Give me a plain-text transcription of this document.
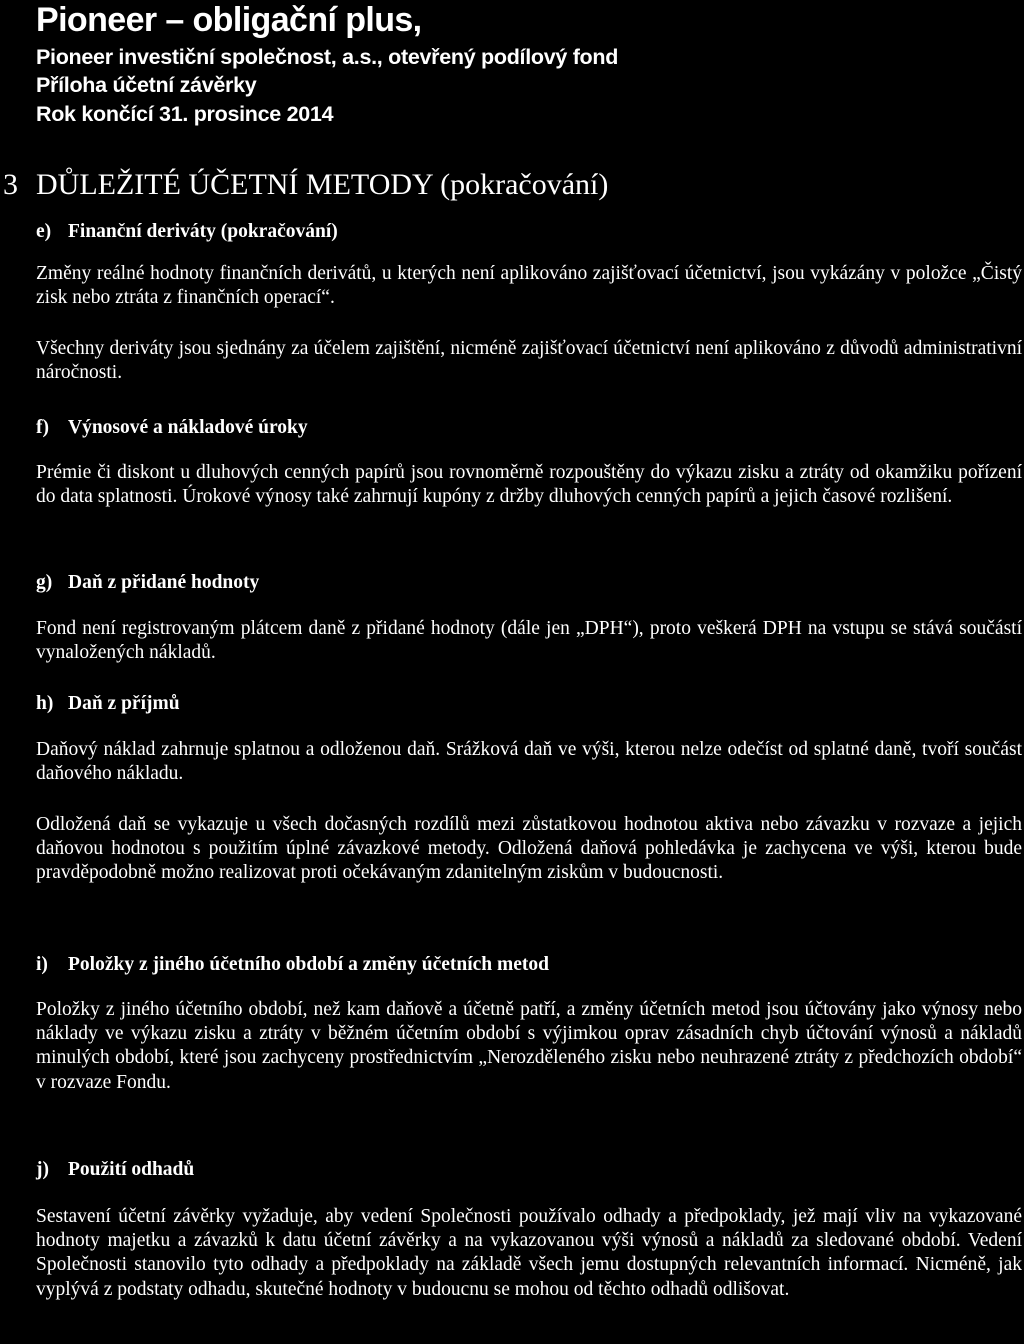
Pioneer – obligační plus,
Pioneer investiční společnost, a.s., otevřený podílový fond
Příloha účetní závěrky
Rok končící 31. prosince 2014
3 DŮLEŽITÉ ÚČETNÍ METODY (pokračování)
e) Finanční deriváty (pokračování)

Změny reálné hodnoty finančních derivátů, u kterých není aplikováno zajišťovací účetnictví, jsou vykázány v položce „Čistý zisk nebo ztráta z finančních operací“.

Všechny deriváty jsou sjednány za účelem zajištění, nicméně zajišťovací účetnictví není aplikováno z důvodů administrativní náročnosti.

f) Výnosové a nákladové úroky

Prémie či diskont u dluhových cenných papírů jsou rovnoměrně rozpouštěny do výkazu zisku a ztráty od okamžiku pořízení do data splatnosti. Úrokové výnosy také zahrnují kupóny z držby dluhových cenných papírů a jejich časové rozlišení.

g) Daň z přidané hodnoty

Fond není registrovaným plátcem daně z přidané hodnoty (dále jen „DPH“), proto veškerá DPH na vstupu se stává součástí vynaložených nákladů.

h) Daň z příjmů

Daňový náklad zahrnuje splatnou a odloženou daň. Srážková daň ve výši, kterou nelze odečíst od splatné daně, tvoří součást daňového nákladu.

Odložená daň se vykazuje u všech dočasných rozdílů mezi zůstatkovou hodnotou aktiva nebo závazku v rozvaze a jejich daňovou hodnotou s použitím úplné závazkové metody. Odložená daňová pohledávka je zachycena ve výši, kterou bude pravděpodobně možno realizovat proti očekávaným zdanitelným ziskům v budoucnosti.

i) Položky z jiného účetního období a změny účetních metod

Položky z jiného účetního období, než kam daňově a účetně patří, a změny účetních metod jsou účtovány jako výnosy nebo náklady ve výkazu zisku a ztráty v běžném účetním období s výjimkou oprav zásadních chyb účtování výnosů a nákladů minulých období, které jsou zachyceny prostřednictvím „Nerozděleného zisku nebo neuhrazené ztráty z předchozích období“ v rozvaze Fondu.

j) Použití odhadů

Sestavení účetní závěrky vyžaduje, aby vedení Společnosti používalo odhady a předpoklady, jež mají vliv na vykazované hodnoty majetku a závazků k datu účetní závěrky a na vykazovanou výši výnosů a nákladů za sledované období. Vedení Společnosti stanovilo tyto odhady a předpoklady na základě všech jemu dostupných relevantních informací. Nicméně, jak vyplývá z podstaty odhadu, skutečné hodnoty v budoucnu se mohou od těchto odhadů odlišovat.
